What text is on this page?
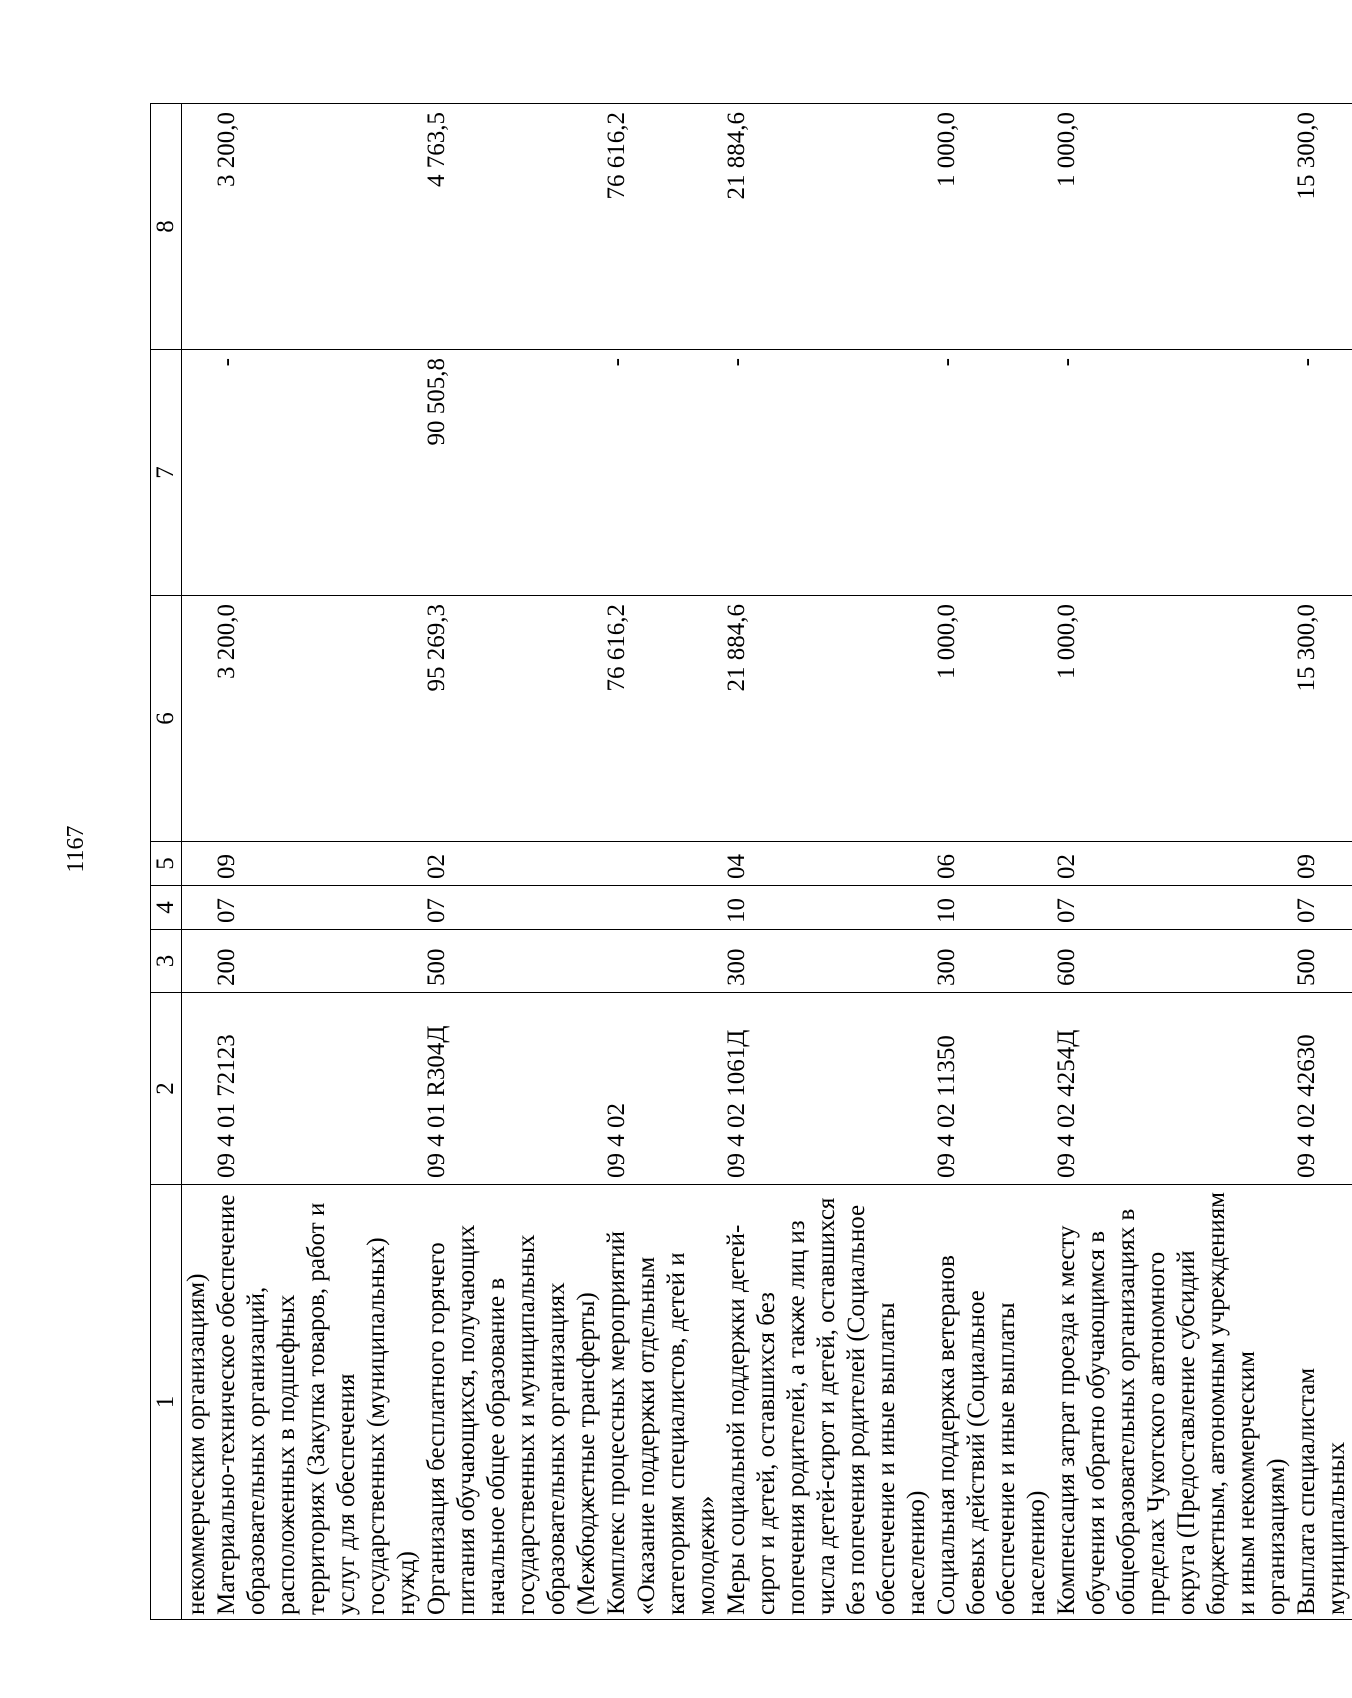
1167
1	2	3	4	5	6	7	8
некоммерческим организациям)							
Материально-техническое обеспечение образовательных организаций, расположенных в подшефных территориях (Закупка товаров, работ и услуг для обеспечения государственных (муниципальных) нужд)	09 4 01 72123	200	07	09	3 200,0	-	3 200,0
Организация бесплатного горячего питания обучающихся, получающих начальное общее образование в государственных и муниципальных образовательных организациях (Межбюджетные трансферты)	09 4 01 R304Д	500	07	02	95 269,3	90 505,8	4 763,5
Комплекс процессных мероприятий «Оказание поддержки отдельным категориям специалистов, детей и молодежи»	09 4 02				76 616,2	-	76 616,2
Меры социальной поддержки детей-сирот и детей, оставшихся без попечения родителей, а также лиц из числа детей-сирот и детей, оставшихся без попечения родителей (Социальное обеспечение и иные выплаты населению)	09 4 02 1061Д	300	10	04	21 884,6	-	21 884,6
Социальная поддержка ветеранов боевых действий (Социальное обеспечение и иные выплаты населению)	09 4 02 11350	300	10	06	1 000,0	-	1 000,0
Компенсация затрат проезда к месту обучения и обратно обучающимся в общеобразовательных организациях в пределах Чукотского автономного округа (Предоставление субсидий бюджетным, автономным учреждениям и иным некоммерческим организациям)	09 4 02 4254Д	600	07	02	1 000,0	-	1 000,0
Выплата специалистам муниципальных	09 4 02 42630	500	07	09	15 300,0	-	15 300,0
